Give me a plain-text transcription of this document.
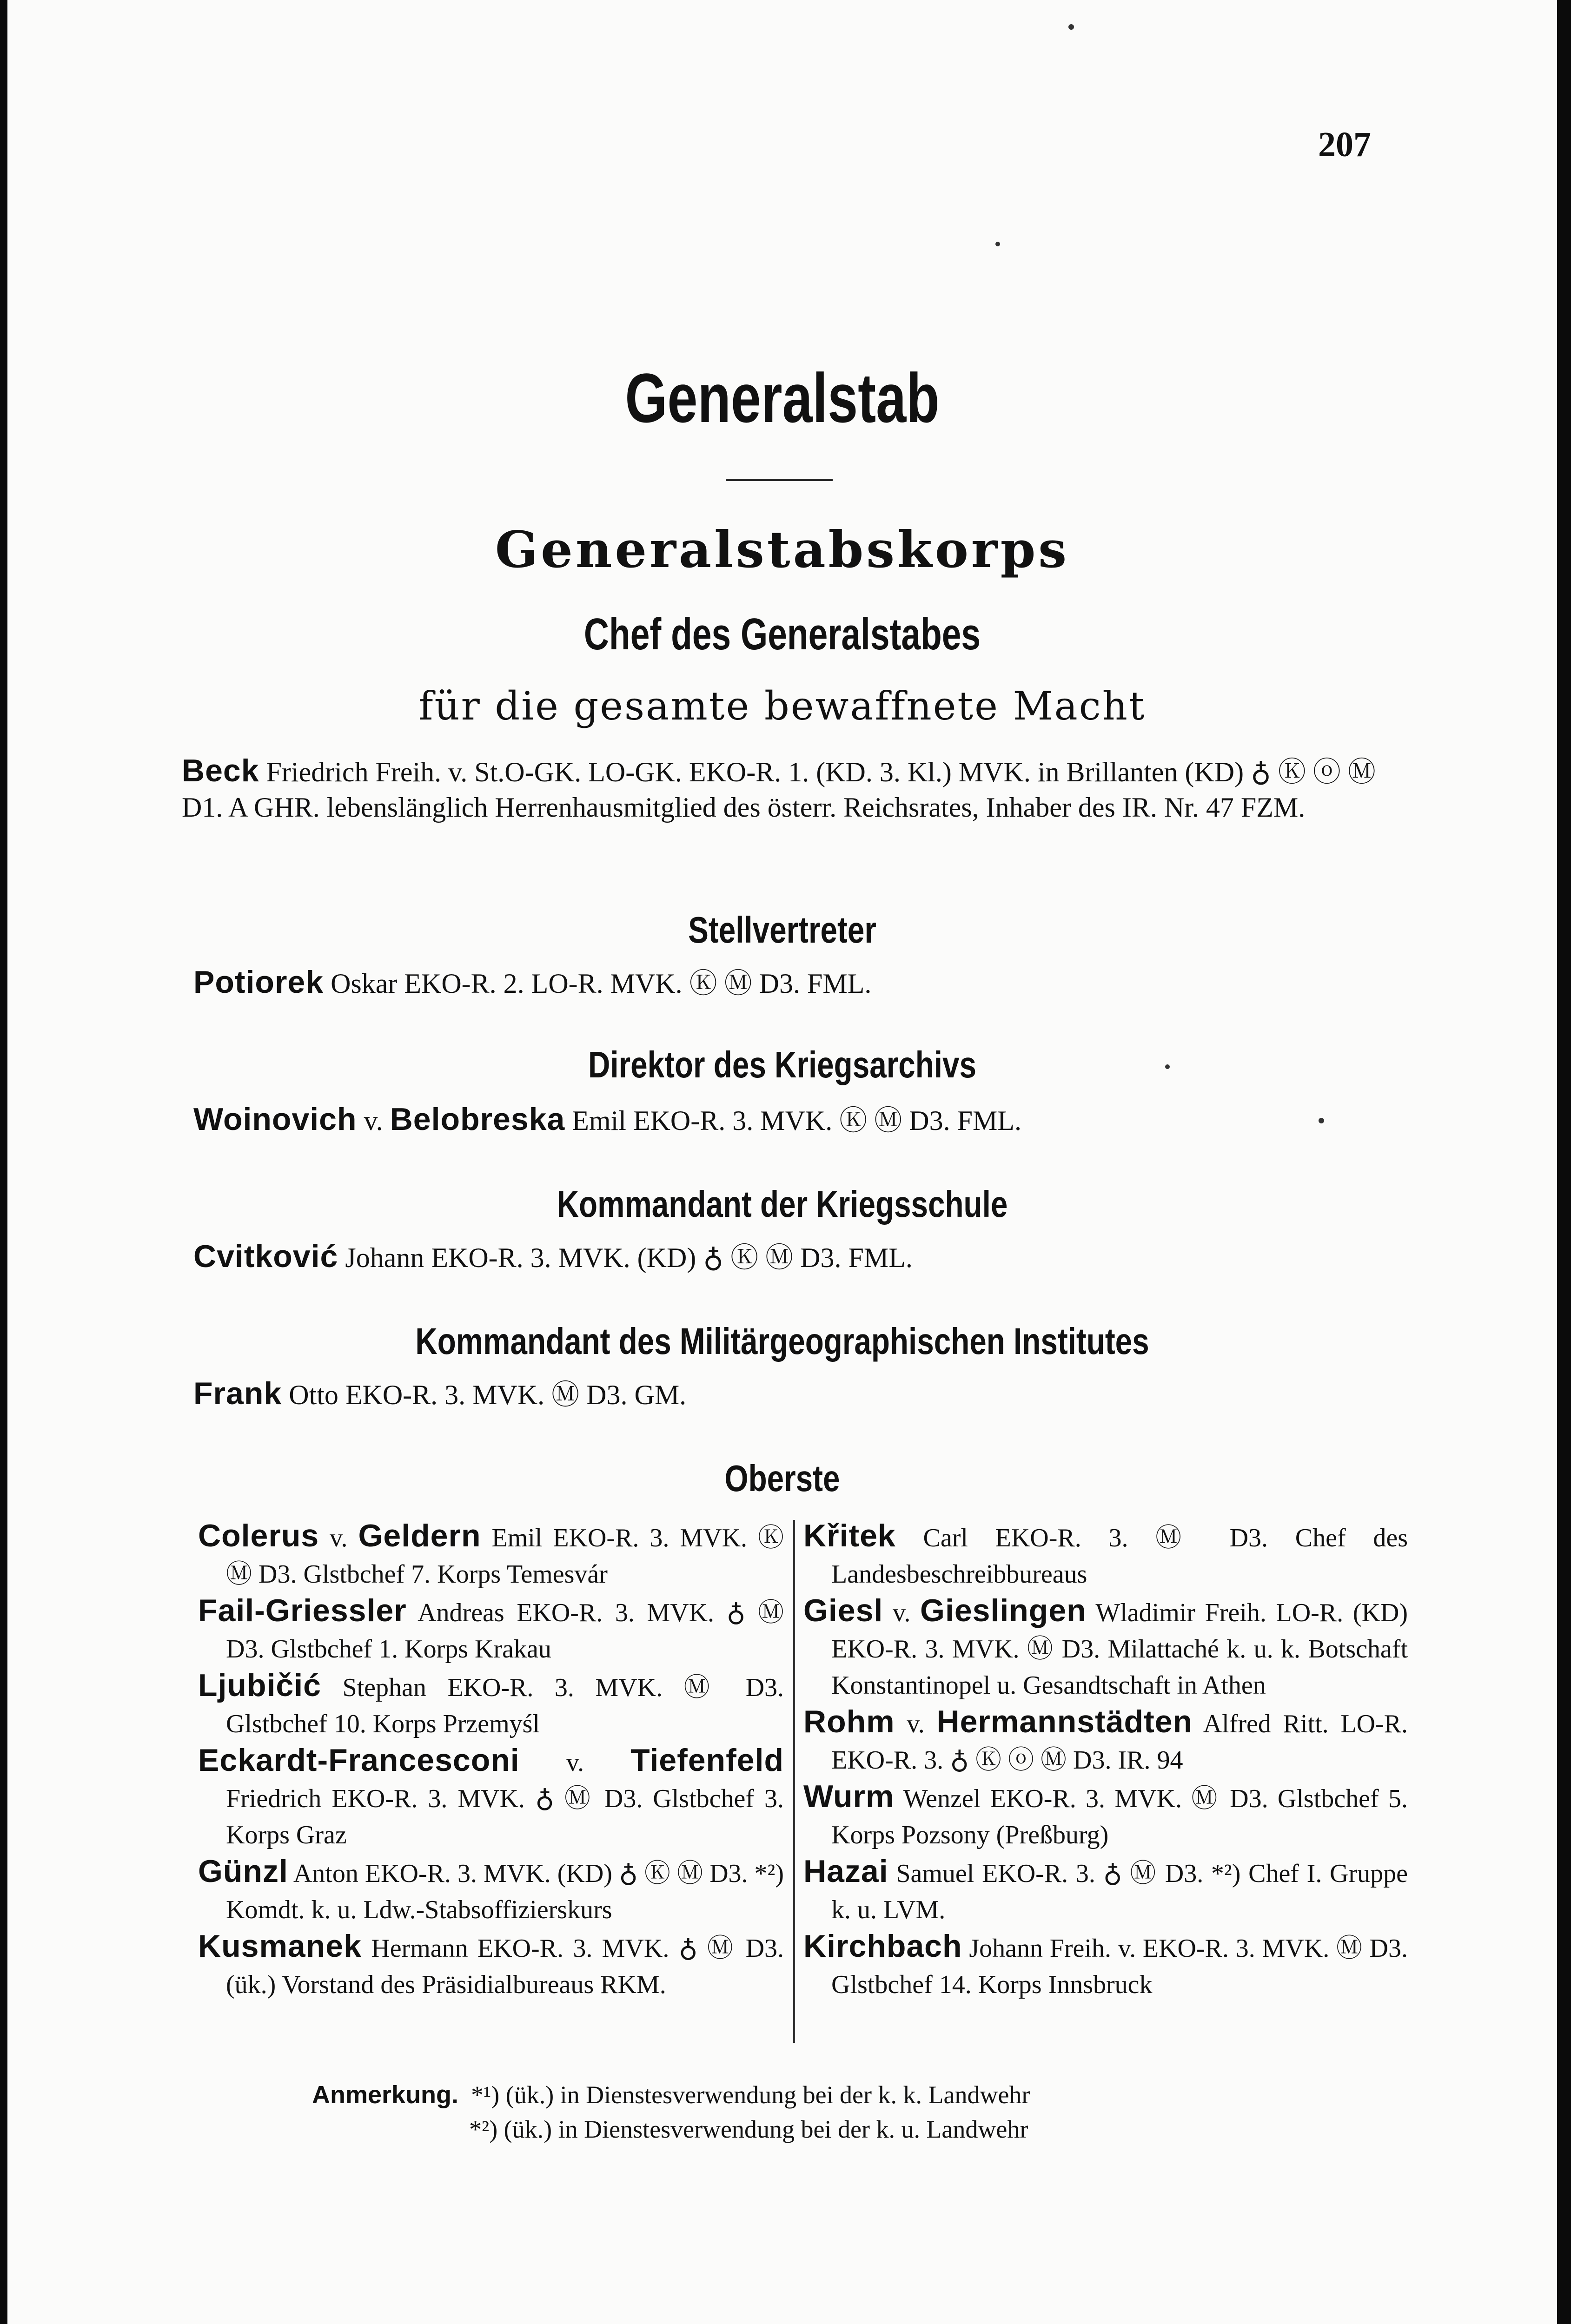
207
Generalstab
Generalstabskorps
Chef des Generalstabes
für die gesamte bewaffnete Macht
Beck Friedrich Freih. v. St.O-GK. LO-GK. EKO-R. 1. (KD. 3. Kl.) MVK. in Brillanten (KD) ♁ Ⓚ ⓞ Ⓜ D1. A GHR. lebenslänglich Herrenhausmitglied des österr. Reichsrates, Inhaber des IR. Nr. 47 FZM.
Stellvertreter
Potiorek Oskar EKO-R. 2. LO-R. MVK. Ⓚ Ⓜ D3. FML.
Direktor des Kriegsarchivs
Woinovich v. Belobreska Emil EKO-R. 3. MVK. Ⓚ Ⓜ D3. FML.
Kommandant der Kriegsschule
Cvitković Johann EKO-R. 3. MVK. (KD) ♁ Ⓚ Ⓜ D3. FML.
Kommandant des Militärgeographischen Institutes
Frank Otto EKO-R. 3. MVK. Ⓜ D3. GM.
Oberste

Colerus v. Geldern Emil EKO-R. 3. MVK. Ⓚ Ⓜ D3. Glstbchef 7. Korps Temesvár

Fail-Griessler Andreas EKO-R. 3. MVK. ♁ Ⓜ D3. Glstbchef 1. Korps Krakau

Ljubičić Stephan EKO-R. 3. MVK. Ⓜ D3. Glstbchef 10. Korps Przemyśl

Eckardt-Francesconi v. Tiefenfeld Friedrich EKO-R. 3. MVK. ♁ Ⓜ D3. Glstbchef 3. Korps Graz

Günzl Anton EKO-R. 3. MVK. (KD) ♁ Ⓚ Ⓜ D3. *²) Komdt. k. u. Ldw.-Stabsoffizierskurs

Kusmanek Hermann EKO-R. 3. MVK. ♁ Ⓜ D3. (ük.) Vorstand des Präsidialbureaus RKM.

Křitek Carl EKO-R. 3. Ⓜ D3. Chef des Landesbeschreibbureaus

Giesl v. Gieslingen Wladimir Freih. LO-R. (KD) EKO-R. 3. MVK. Ⓜ D3. Milattaché k. u. k. Botschaft Konstantinopel u. Gesandtschaft in Athen

Rohm v. Hermannstädten Alfred Ritt. LO-R. EKO-R. 3. ♁ Ⓚ ⓞ Ⓜ D3. IR. 94

Wurm Wenzel EKO-R. 3. MVK. Ⓜ D3. Glstbchef 5. Korps Pozsony (Preßburg)

Hazai Samuel EKO-R. 3. ♁ Ⓜ D3. *²) Chef I. Gruppe k. u. LVM.

Kirchbach Johann Freih. v. EKO-R. 3. MVK. Ⓜ D3. Glstbchef 14. Korps Innsbruck

Anmerkung. *¹) (ük.) in Dienstesverwendung bei der k. k. Landwehr
*²) (ük.) in Dienstesverwendung bei der k. u. Landwehr
